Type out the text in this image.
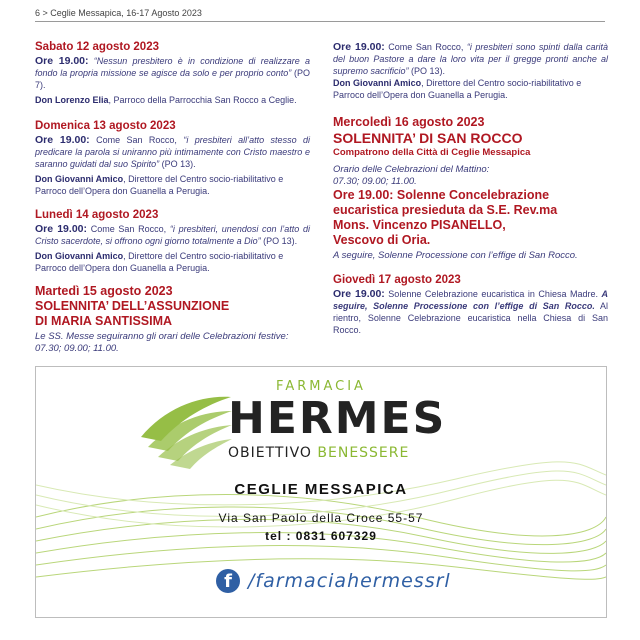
6 > Ceglie Messapica, 16-17 Agosto 2023

Sabato 12 agosto 2023

Ore 19.00: “Nessun presbitero è in condizione di realizzare a fondo la propria missione se agisce da solo e per proprio conto” (PO 7).

Don Lorenzo Elia, Parroco della Parrocchia San Rocco a Ceglie.

Domenica 13 agosto 2023

Ore 19.00: Come San Rocco, “i presbiteri all’atto stesso di predicare la parola si uniranno più intimamente con Cristo maestro e saranno guidati dal suo Spirito” (PO 13).

Don Giovanni Amico, Direttore del Centro socio-riabilitativo e Parroco dell’Opera don Guanella a Perugia.

Lunedì 14 agosto 2023

Ore 19.00: Come San Rocco, “i presbiteri, unendosi con l’atto di Cristo sacerdote, si offrono ogni giorno totalmente a Dio” (PO 13).

Don Giovanni Amico, Direttore del Centro socio-riabilitativo e Parroco dell’Opera don Guanella a Perugia.

Martedì 15 agosto 2023

SOLENNITA’ DELL’ASSUNZIONE

DI MARIA SANTISSIMA

Le SS. Messe seguiranno gli orari delle Celebrazioni festive: 07.30; 09.00; 11.00.

Ore 19.00: Come San Rocco, “i presbiteri sono spinti dalla carità del buon Pastore a dare la loro vita per il gregge pronti anche al supremo sacrificio” (PO 13).

Don Giovanni Amico, Direttore del Centro socio-riabilitativo e Parroco dell’Opera don Guanella a Perugia.

Mercoledì 16 agosto 2023

SOLENNITA’ DI SAN ROCCO

Compatrono della Città di Ceglie Messapica

Orario delle Celebrazioni del Mattino:

07.30; 09.00; 11.00.

Ore 19.00: Solenne Concelebrazione

eucaristica presieduta da S.E. Rev.ma

Mons. Vincenzo PISANELLO,

Vescovo di Oria.

A seguire, Solenne Processione con l’effige di San Rocco.

Giovedì 17 agosto 2023

Ore 19.00: Solenne Celebrazione eucaristica in Chiesa Madre. A seguire, Solenne Processione con l’effige di San Rocco. Al rientro, Solenne Celebrazione eucaristica nella Chiesa di San Rocco.

FARMACIA
HERMES
OBIETTIVO BENESSERE
CEGLIE MESSAPICA
Via San Paolo della Croce 55-57
tel : 0831 607329
f /farmaciahermessrl
